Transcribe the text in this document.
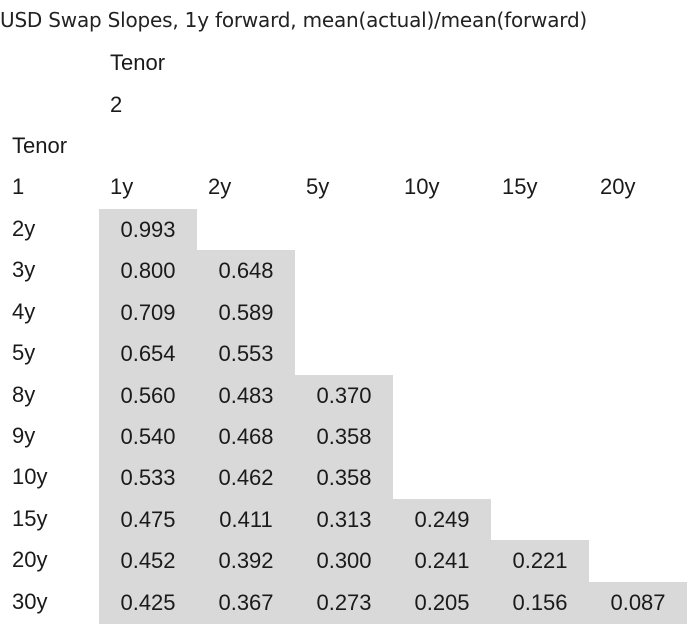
USD Swap Slopes, 1y forward, mean(actual)/mean(forward)
Tenor
2
Tenor
1	1y	2y	5y	10y	15y	20y
2y	0.993
3y	0.800	0.648
4y	0.709	0.589
5y	0.654	0.553
8y	0.560	0.483	0.370
9y	0.540	0.468	0.358
10y	0.533	0.462	0.358
15y	0.475	0.411	0.313	0.249
20y	0.452	0.392	0.300	0.241	0.221
30y	0.425	0.367	0.273	0.205	0.156	0.087
